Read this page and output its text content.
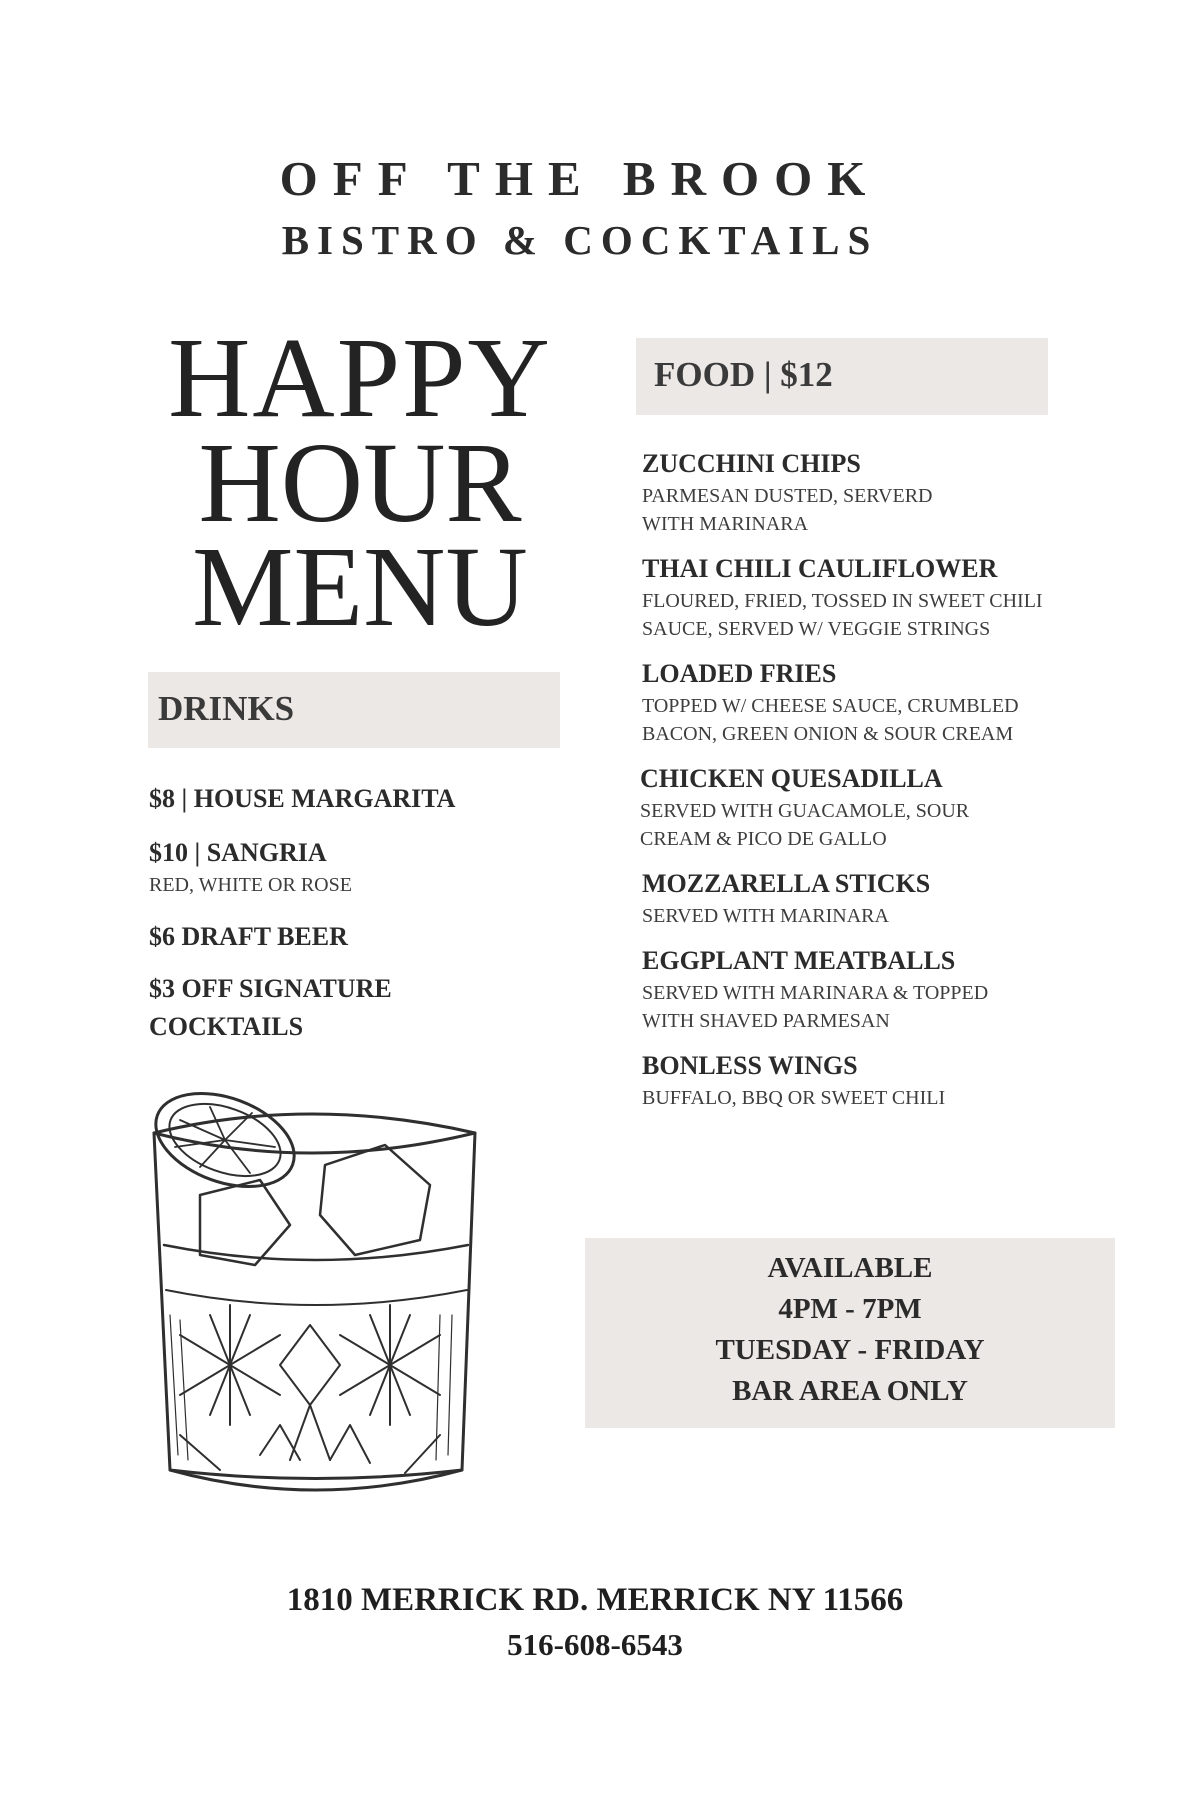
OFF THE BROOK
BISTRO & COCKTAILS
HAPPY
HOUR
MENU
DRINKS
$8 | HOUSE MARGARITA
$10 | SANGRIA
RED, WHITE OR ROSE
$6 DRAFT BEER
$3 OFF SIGNATURE
COCKTAILS
FOOD | $12
ZUCCHINI CHIPS
PARMESAN DUSTED, SERVERD
WITH MARINARA
THAI CHILI CAULIFLOWER
FLOURED, FRIED, TOSSED IN SWEET CHILI
SAUCE, SERVED W/ VEGGIE STRINGS
LOADED FRIES
TOPPED W/ CHEESE SAUCE, CRUMBLED
BACON, GREEN ONION & SOUR CREAM
CHICKEN QUESADILLA
SERVED WITH GUACAMOLE, SOUR
CREAM & PICO DE GALLO
MOZZARELLA STICKS
SERVED WITH MARINARA
EGGPLANT MEATBALLS
SERVED WITH MARINARA & TOPPED
WITH SHAVED PARMESAN
BONLESS WINGS
BUFFALO, BBQ OR SWEET CHILI
AVAILABLE
4PM - 7PM
TUESDAY - FRIDAY
BAR AREA ONLY
1810 MERRICK RD. MERRICK NY 11566
516-608-6543
